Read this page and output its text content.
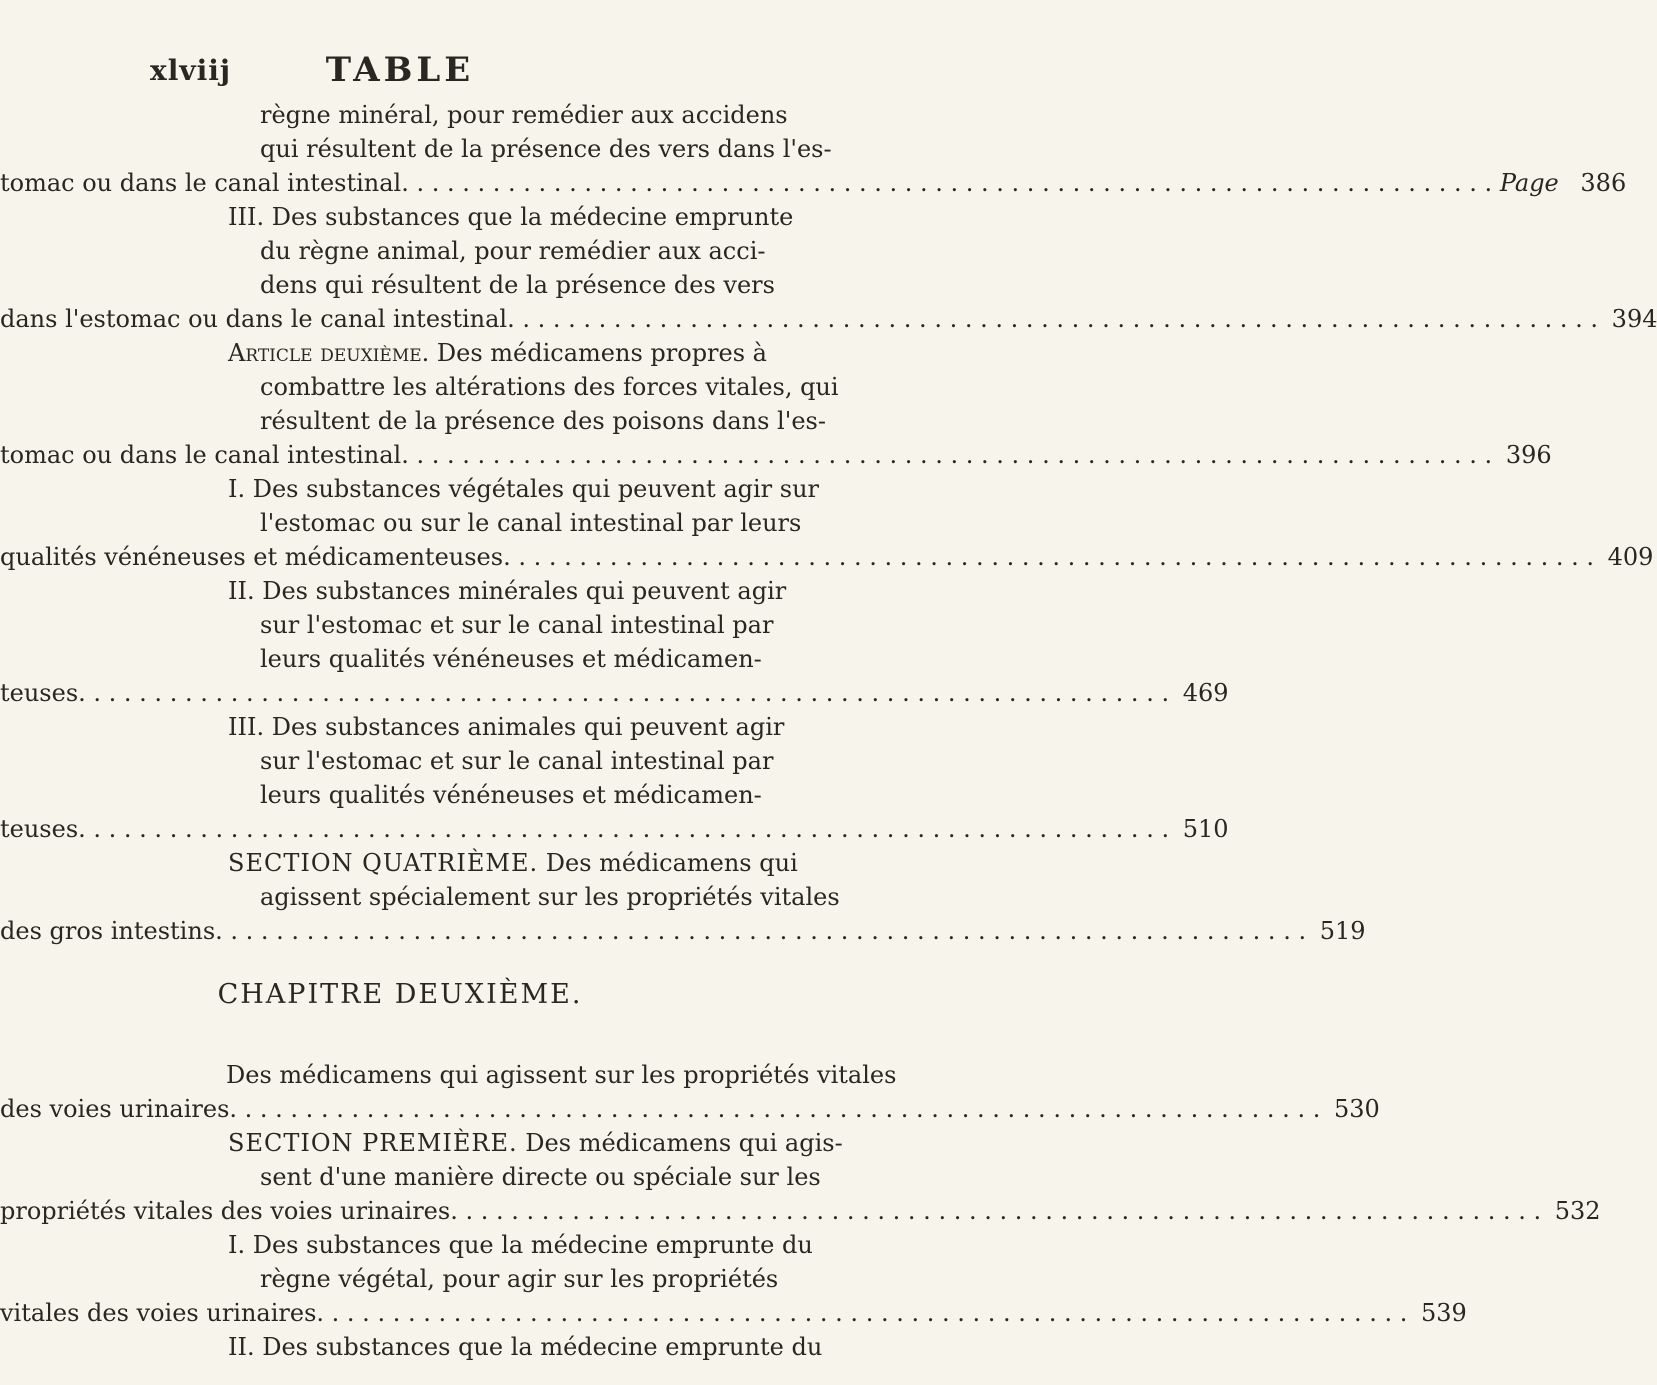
xlviij	TABLE
règne minéral, pour remédier aux accidens
qui résultent de la présence des vers dans l'es-
tomac ou dans le canal intestinal . . .	Page 386
III. Des substances que la médecine emprunte
du règne animal, pour remédier aux acci-
dens qui résultent de la présence des vers
dans l'estomac ou dans le canal intestinal . . .	394
Article deuxième. Des médicamens propres à
combattre les altérations des forces vitales, qui
résultent de la présence des poisons dans l'es-
tomac ou dans le canal intestinal . . .	396
I. Des substances végétales qui peuvent agir sur
l'estomac ou sur le canal intestinal par leurs
qualités vénéneuses et médicamenteuses . . .	409
II. Des substances minérales qui peuvent agir
sur l'estomac et sur le canal intestinal par
leurs qualités vénéneuses et médicamen-
teuses . . .	469
III. Des substances animales qui peuvent agir
sur l'estomac et sur le canal intestinal par
leurs qualités vénéneuses et médicamen-
teuses . . .	510
SECTION QUATRIÈME. Des médicamens qui
agissent spécialement sur les propriétés vitales
des gros intestins . . .	519
CHAPITRE DEUXIÈME.
Des médicamens qui agissent sur les propriétés vitales
des voies urinaires . . .	530
SECTION PREMIÈRE. Des médicamens qui agis-
sent d'une manière directe ou spéciale sur les
propriétés vitales des voies urinaires . . .	532
I. Des substances que la médecine emprunte du
règne végétal, pour agir sur les propriétés
vitales des voies urinaires . . .	539
II. Des substances que la médecine emprunte du
